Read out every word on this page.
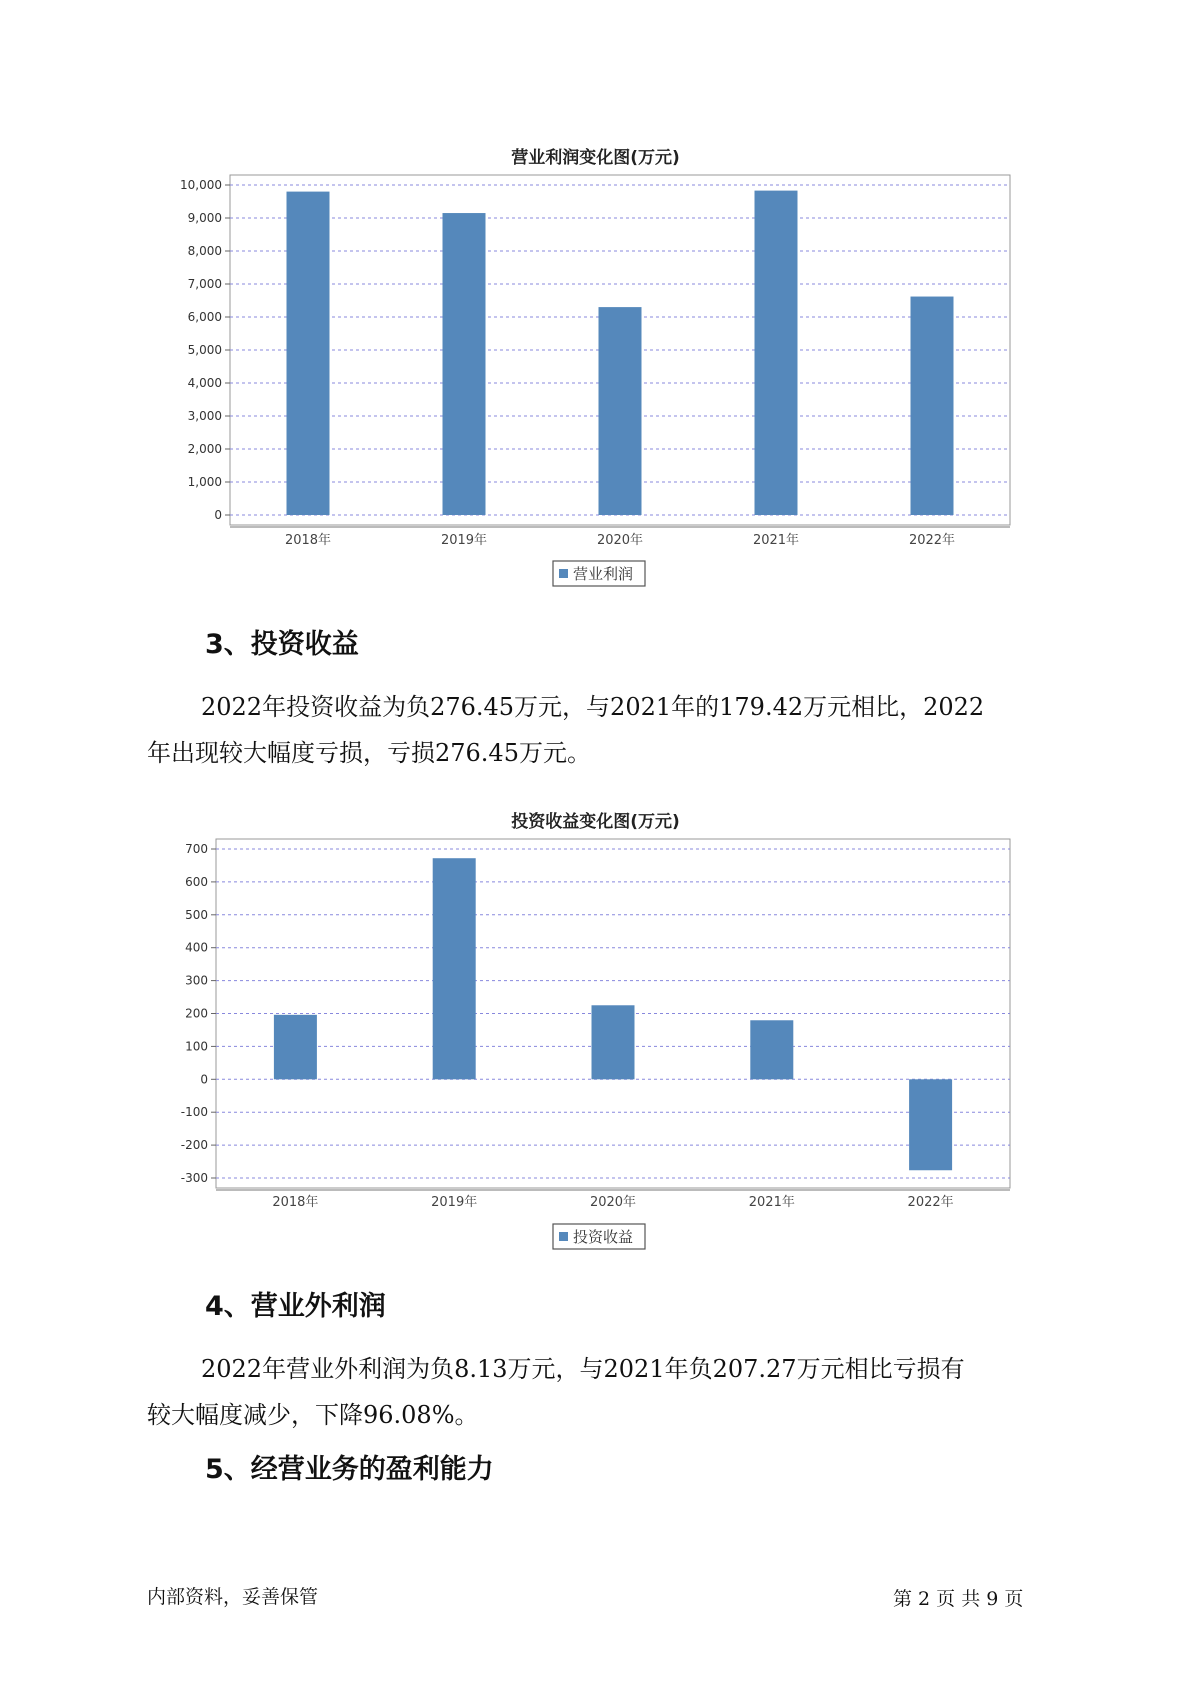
营业利润变化图(万元)
0
1,000
2,000
3,000
4,000
5,000
6,000
7,000
8,000
9,000
10,000
2018年	2019年	2020年	2021年	2022年
营业利润
3、投资收益

2022年投资收益为负276.45万元，与2021年的179.42万元相比，2022
年出现较大幅度亏损，亏损276.45万元。

投资收益变化图(万元)
-300
-200
-100
0
100
200
300
400
500
600
700
2018年	2019年	2020年	2021年	2022年
投资收益
4、营业外利润

2022年营业外利润为负8.13万元，与2021年负207.27万元相比亏损有
较大幅度减少，下降96.08%。

5、经营业务的盈利能力
内部资料，妥善保管	第 2 页 共 9 页
